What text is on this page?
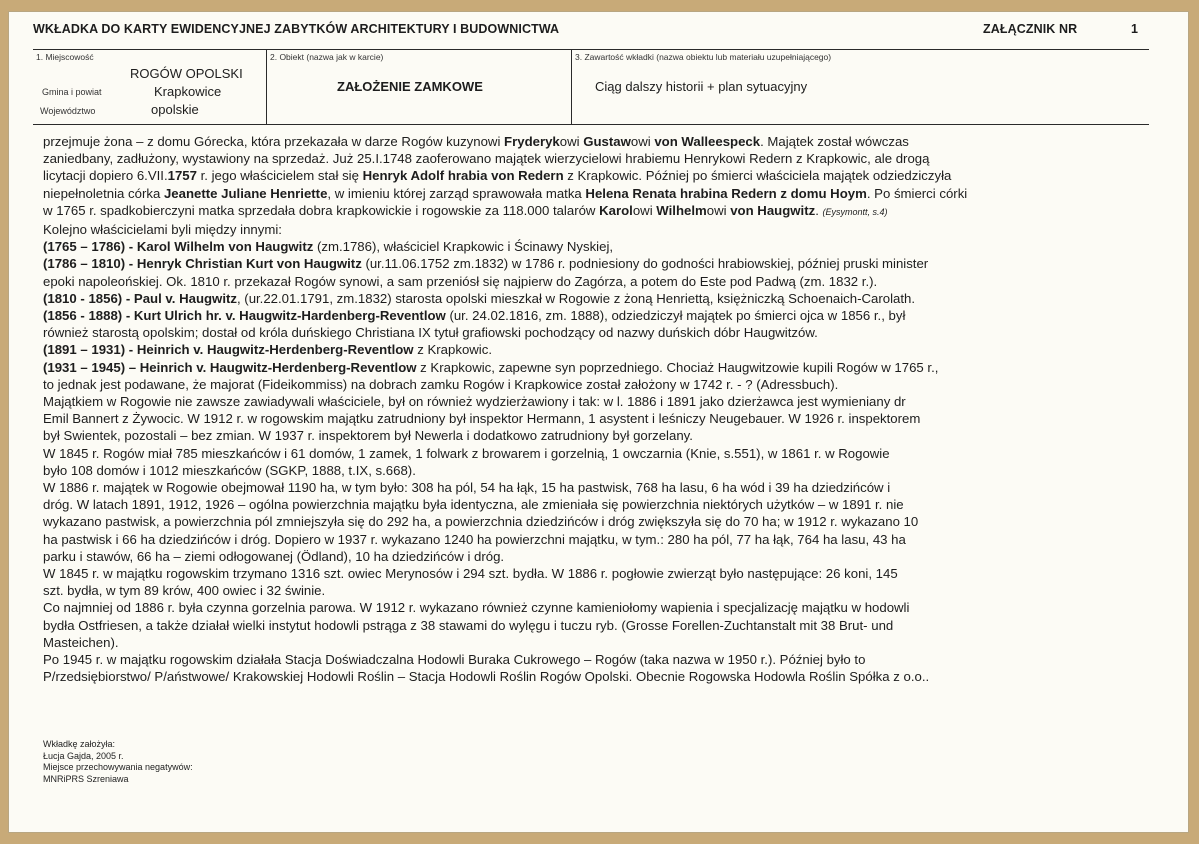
WKŁADKA DO KARTY EWIDENCYJNEJ ZABYTKÓW ARCHITEKTURY I BUDOWNICTWA	ZAŁĄCZNIK NR	1
1. Miejscowość
ROGÓW OPOLSKI
Gmina i powiat	Krapkowice
Województwo	opolskie
2. Obiekt (nazwa jak w karcie)
ZAŁOŻENIE ZAMKOWE
3. Zawartość wkładki (nazwa obiektu lub materiału uzupełniającego)
Ciąg dalszy historii + plan sytuacyjny

przejmuje żona – z domu Górecka, która przekazała w darze Rogów kuzynowi Fryderykowi Gustawowi von Walleespeck. Majątek został wówczas

zaniedbany, zadłużony, wystawiony na sprzedaż. Już 25.I.1748 zaoferowano majątek wierzycielowi hrabiemu Henrykowi Redern z Krapkowic, ale drogą

licytacji dopiero 6.VII.1757 r. jego właścicielem stał się Henryk Adolf hrabia von Redern z Krapkowic. Później po śmierci właściciela majątek odziedziczyła

niepełnoletnia córka Jeanette Juliane Henriette, w imieniu której zarząd sprawowała matka Helena Renata hrabina Redern z domu Hoym. Po śmierci córki

w 1765 r. spadkobierczyni matka sprzedała dobra krapkowickie i rogowskie za 118.000 talarów Karolowi Wilhelmowi von Haugwitz. (Eysymontt, s.4)

Kolejno właścicielami byli między innymi:

(1765 – 1786) - Karol Wilhelm von Haugwitz (zm.1786), właściciel Krapkowic i Ścinawy Nyskiej,

(1786 – 1810) - Henryk Christian Kurt von Haugwitz (ur.11.06.1752 zm.1832) w 1786 r. podniesiony do godności hrabiowskiej, później pruski minister

epoki napoleońskiej. Ok. 1810 r. przekazał Rogów synowi, a sam przeniósł się najpierw do Zagórza, a potem do Este pod Padwą (zm. 1832 r.).

(1810 - 1856) - Paul v. Haugwitz, (ur.22.01.1791, zm.1832) starosta opolski mieszkał w Rogowie z żoną Henriettą, księżniczką Schoenaich-Carolath.

(1856 - 1888) - Kurt Ulrich hr. v. Haugwitz-Hardenberg-Reventlow (ur. 24.02.1816, zm. 1888), odziedziczył majątek po śmierci ojca w 1856 r., był

również starostą opolskim; dostał od króla duńskiego Christiana IX tytuł grafiowski pochodzący od nazwy duńskich dóbr Haugwitzów.

(1891 – 1931) - Heinrich v. Haugwitz-Herdenberg-Reventlow z Krapkowic.

(1931 – 1945) – Heinrich v. Haugwitz-Herdenberg-Reventlow z Krapkowic, zapewne syn poprzedniego. Chociaż Haugwitzowie kupili Rogów w 1765 r.,

to jednak jest podawane, że majorat (Fideikommiss) na dobrach zamku Rogów i Krapkowice został założony w 1742 r. - ? (Adressbuch).

Majątkiem w Rogowie nie zawsze zawiadywali właściciele, był on również wydzierżawiony i tak: w l. 1886 i 1891 jako dzierżawca jest wymieniany dr

Emil Bannert z Żywocic. W 1912 r. w rogowskim majątku zatrudniony był inspektor Hermann, 1 asystent i leśniczy Neugebauer. W 1926 r. inspektorem

był Swientek, pozostali – bez zmian. W 1937 r. inspektorem był Newerla i dodatkowo zatrudniony był gorzelany.

W 1845 r. Rogów miał 785 mieszkańców i 61 domów, 1 zamek, 1 folwark z browarem i gorzelnią, 1 owczarnia (Knie, s.551), w 1861 r. w Rogowie

było 108 domów i 1012 mieszkańców (SGKP, 1888, t.IX, s.668).

W 1886 r. majątek w Rogowie obejmował 1190 ha, w tym było: 308 ha pól, 54 ha łąk, 15 ha pastwisk, 768 ha lasu, 6 ha wód i 39 ha dziedzińców i

dróg. W latach 1891, 1912, 1926 – ogólna powierzchnia majątku była identyczna, ale zmieniała się powierzchnia niektórych użytków – w 1891 r. nie

wykazano pastwisk, a powierzchnia pól zmniejszyła się do 292 ha, a powierzchnia dziedzińców i dróg zwiększyła się do 70 ha; w 1912 r. wykazano 10

ha pastwisk i 66 ha dziedzińców i dróg. Dopiero w 1937 r. wykazano 1240 ha powierzchni majątku, w tym.: 280 ha pól, 77 ha łąk, 764 ha lasu, 43 ha

parku i stawów, 66 ha – ziemi odłogowanej (Ödland), 10 ha dziedzińców i dróg.

W 1845 r. w majątku rogowskim trzymano 1316 szt. owiec Merynosów i 294 szt. bydła. W 1886 r. pogłowie zwierząt było następujące: 26 koni, 145

szt. bydła, w tym 89 krów, 400 owiec i 32 świnie.

Co najmniej od 1886 r. była czynna gorzelnia parowa. W 1912 r. wykazano również czynne kamieniołomy wapienia i specjalizację majątku w hodowli

bydła Ostfriesen, a także działał wielki instytut hodowli pstrąga z 38 stawami do wylęgu i tuczu ryb. (Grosse Forellen-Zuchtanstalt mit 38 Brut- und

Masteichen).

Po 1945 r. w majątku rogowskim działała Stacja Doświadczalna Hodowli Buraka Cukrowego – Rogów (taka nazwa w 1950 r.). Później było to

P/rzedsiębiorstwo/ P/aństwowe/ Krakowskiej Hodowli Roślin – Stacja Hodowli Roślin Rogów Opolski. Obecnie Rogowska Hodowla Roślin Spółka z o.o..

Wkładkę założyła:
Łucja Gajda, 2005 r.
Miejsce przechowywania negatywów:
MNRiPRS Szreniawa
